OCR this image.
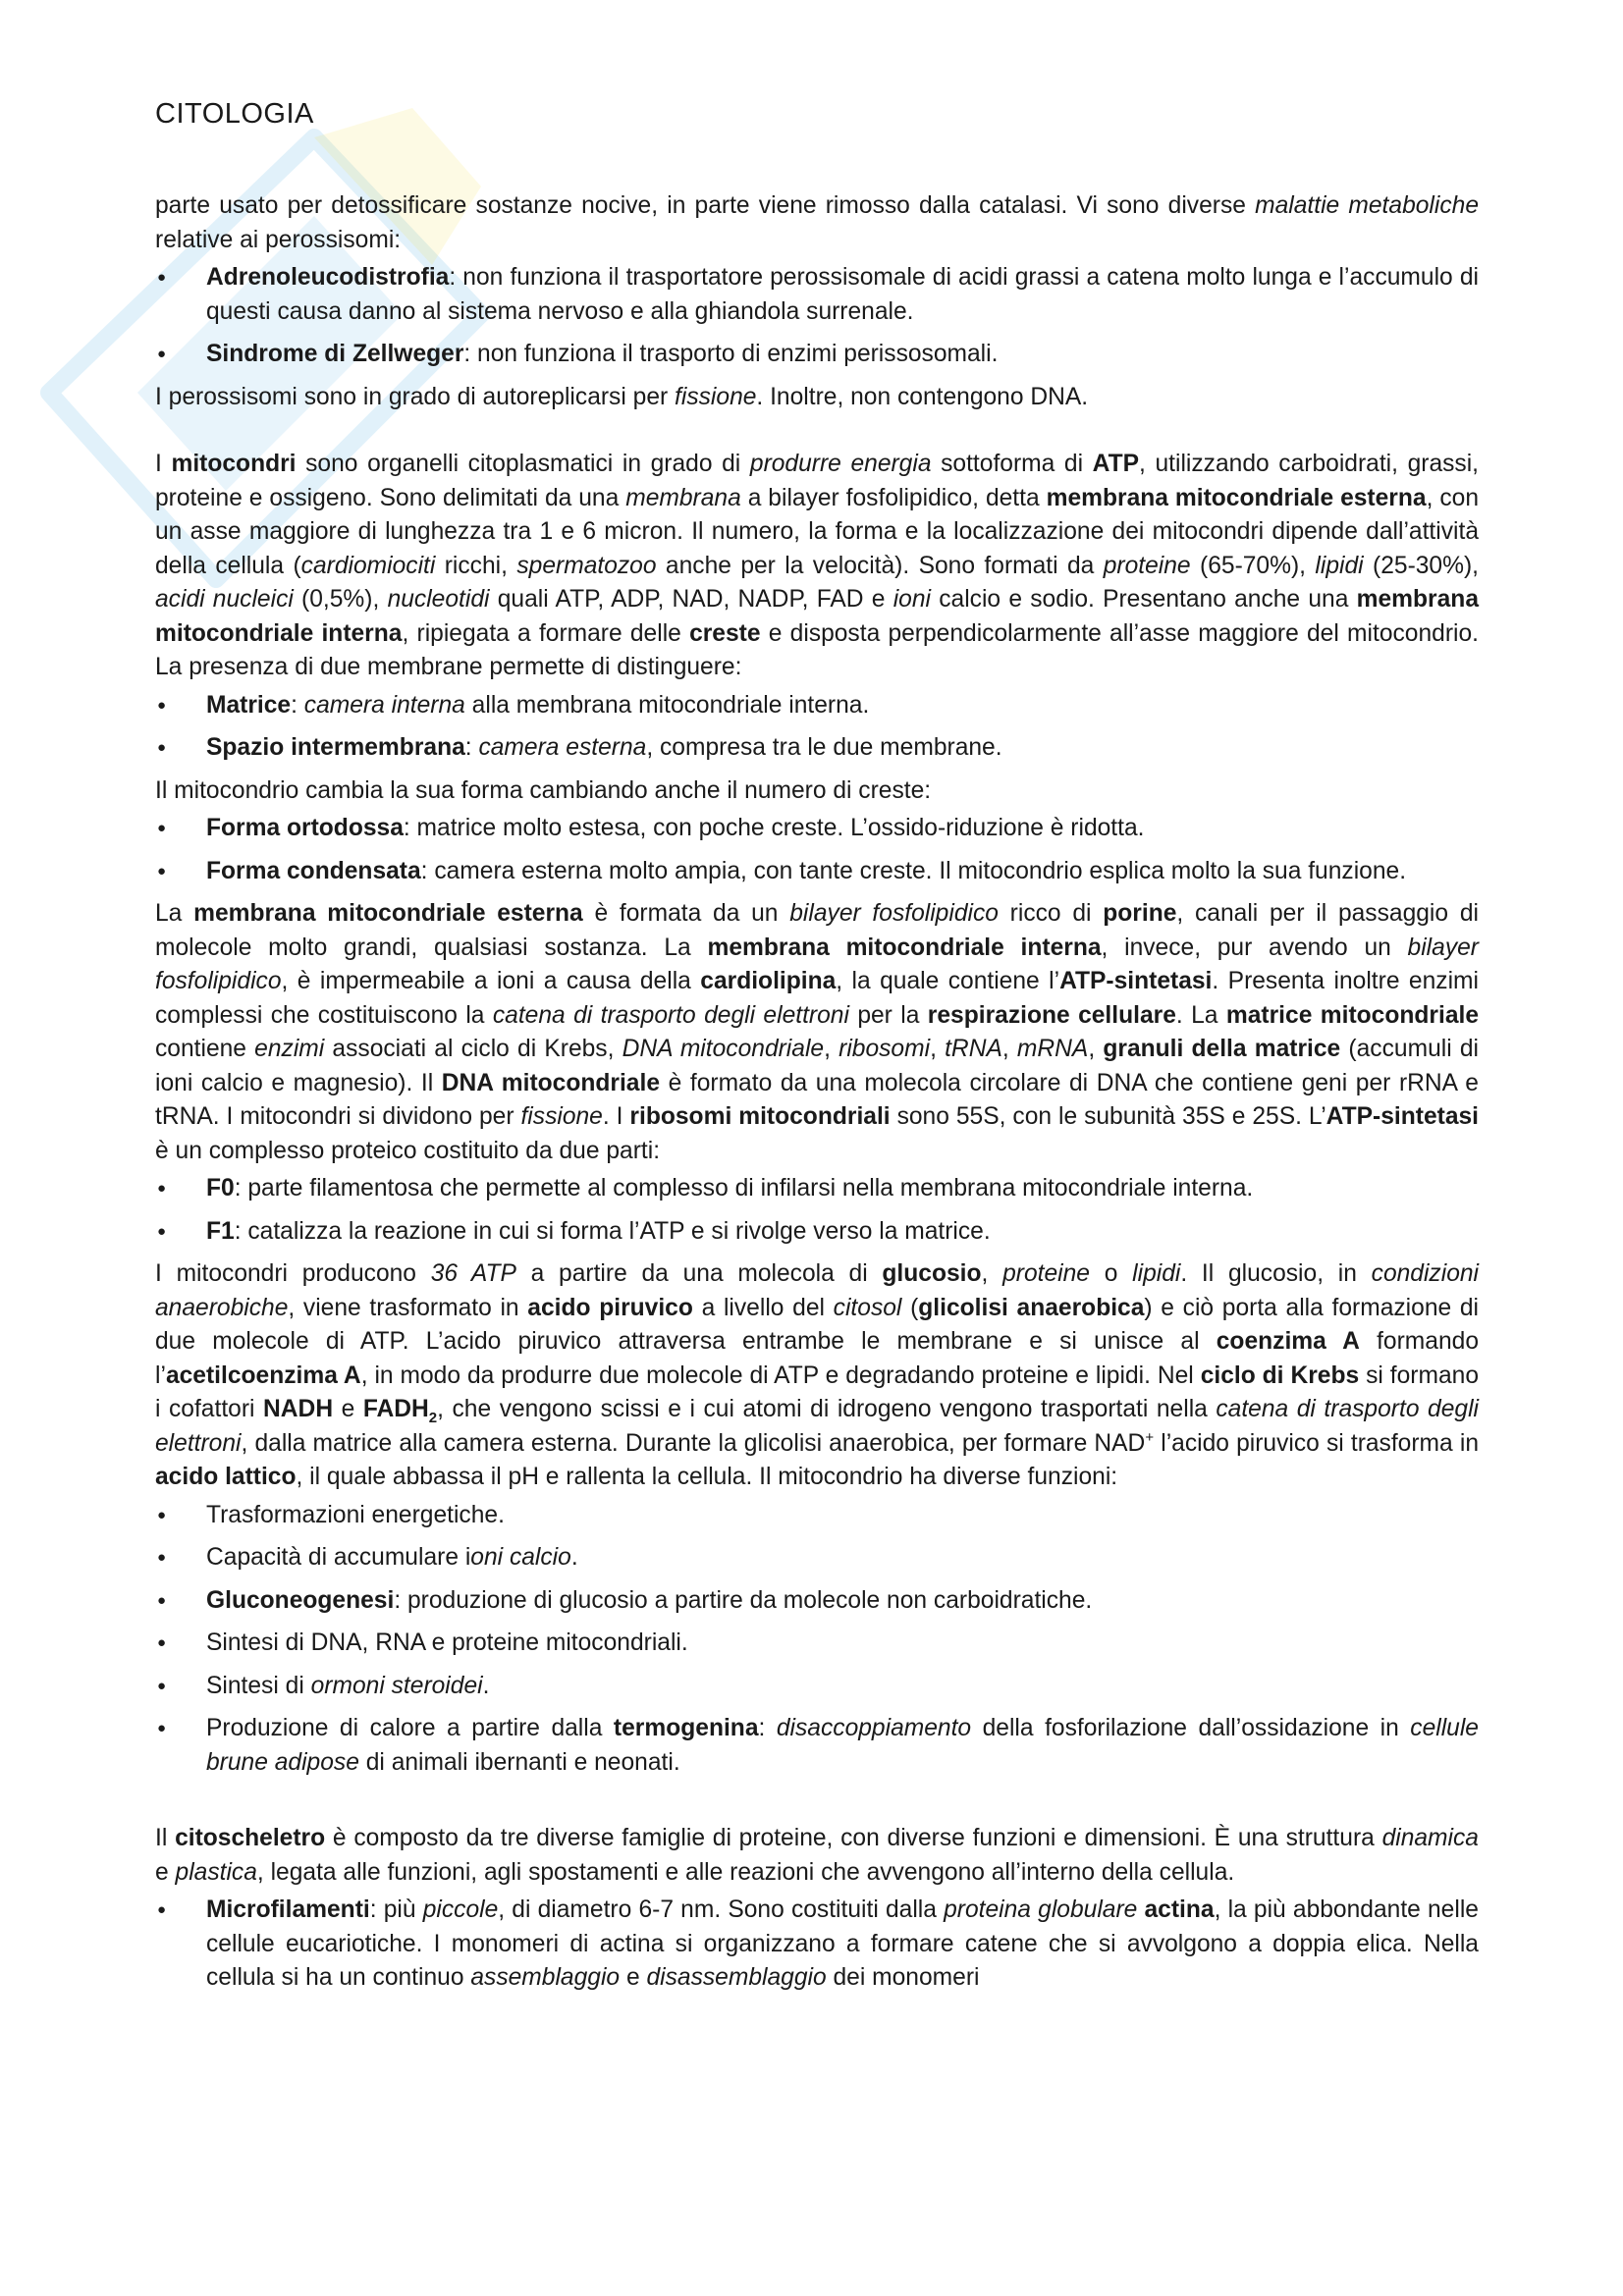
CITOLOGIA

parte usato per detossificare sostanze nocive, in parte viene rimosso dalla catalasi. Vi sono diverse malattie metaboliche relative ai perossisomi:

● Adrenoleucodistrofia: non funziona il trasportatore perossisomale di acidi grassi a catena molto lunga e l’accumulo di questi causa danno al sistema nervoso e alla ghiandola surrenale.
● Sindrome di Zellweger: non funziona il trasporto di enzimi perissosomali.

I perossisomi sono in grado di autoreplicarsi per fissione. Inoltre, non contengono DNA.

I mitocondri sono organelli citoplasmatici in grado di produrre energia sottoforma di ATP, utilizzando carboidrati, grassi, proteine e ossigeno. Sono delimitati da una membrana a bilayer fosfolipidico, detta membrana mitocondriale esterna, con un asse maggiore di lunghezza tra 1 e 6 micron. Il numero, la forma e la localizzazione dei mitocondri dipende dall’attività della cellula (cardiomiociti ricchi, spermatozoo anche per la velocità). Sono formati da proteine (65-70%), lipidi (25-30%), acidi nucleici (0,5%), nucleotidi quali ATP, ADP, NAD, NADP, FAD e ioni calcio e sodio. Presentano anche una membrana mitocondriale interna, ripiegata a formare delle creste e disposta perpendicolarmente all’asse maggiore del mitocondrio. La presenza di due membrane permette di distinguere:

● Matrice: camera interna alla membrana mitocondriale interna.
● Spazio intermembrana: camera esterna, compresa tra le due membrane.

Il mitocondrio cambia la sua forma cambiando anche il numero di creste:

● Forma ortodossa: matrice molto estesa, con poche creste. L’ossido-riduzione è ridotta.
● Forma condensata: camera esterna molto ampia, con tante creste. Il mitocondrio esplica molto la sua funzione.

La membrana mitocondriale esterna è formata da un bilayer fosfolipidico ricco di porine, canali per il passaggio di molecole molto grandi, qualsiasi sostanza. La membrana mitocondriale interna, invece, pur avendo un bilayer fosfolipidico, è impermeabile a ioni a causa della cardiolipina, la quale contiene l’ATP-sintetasi. Presenta inoltre enzimi complessi che costituiscono la catena di trasporto degli elettroni per la respirazione cellulare. La matrice mitocondriale contiene enzimi associati al ciclo di Krebs, DNA mitocondriale, ribosomi, tRNA, mRNA, granuli della matrice (accumuli di ioni calcio e magnesio). Il DNA mitocondriale è formato da una molecola circolare di DNA che contiene geni per rRNA e tRNA. I mitocondri si dividono per fissione. I ribosomi mitocondriali sono 55S, con le subunità 35S e 25S. L’ATP-sintetasi è un complesso proteico costituito da due parti:

● F0: parte filamentosa che permette al complesso di infilarsi nella membrana mitocondriale interna.
● F1: catalizza la reazione in cui si forma l’ATP e si rivolge verso la matrice.

I mitocondri producono 36 ATP a partire da una molecola di glucosio, proteine o lipidi. Il glucosio, in condizioni anaerobiche, viene trasformato in acido piruvico a livello del citosol (glicolisi anaerobica) e ciò porta alla formazione di due molecole di ATP. L’acido piruvico attraversa entrambe le membrane e si unisce al coenzima A formando l’acetilcoenzima A, in modo da produrre due molecole di ATP e degradando proteine e lipidi. Nel ciclo di Krebs si formano i cofattori NADH e $FADH_2$, che vengono scissi e i cui atomi di idrogeno vengono trasportati nella catena di trasporto degli elettroni, dalla matrice alla camera esterna. Durante la glicolisi anaerobica, per formare NAD+ l’acido piruvico si trasforma in acido lattico, il quale abbassa il pH e rallenta la cellula. Il mitocondrio ha diverse funzioni:

● Trasformazioni energetiche.
● Capacità di accumulare ioni calcio.
● Gluconeogenesi: produzione di glucosio a partire da molecole non carboidratiche.
● Sintesi di DNA, RNA e proteine mitocondriali.
● Sintesi di ormoni steroidei.
● Produzione di calore a partire dalla termogenina: disaccoppiamento della fosforilazione dall’ossidazione in cellule brune adipose di animali ibernanti e neonati.

Il citoscheletro è composto da tre diverse famiglie di proteine, con diverse funzioni e dimensioni. È una struttura dinamica e plastica, legata alle funzioni, agli spostamenti e alle reazioni che avvengono all’interno della cellula.

● Microfilamenti: più piccole, di diametro 6-7 nm. Sono costituiti dalla proteina globulare actina, la più abbondante nelle cellule eucariotiche. I monomeri di actina si organizzano a formare catene che si avvolgono a doppia elica. Nella cellula si ha un continuo assemblaggio e disassemblaggio dei monomeri
